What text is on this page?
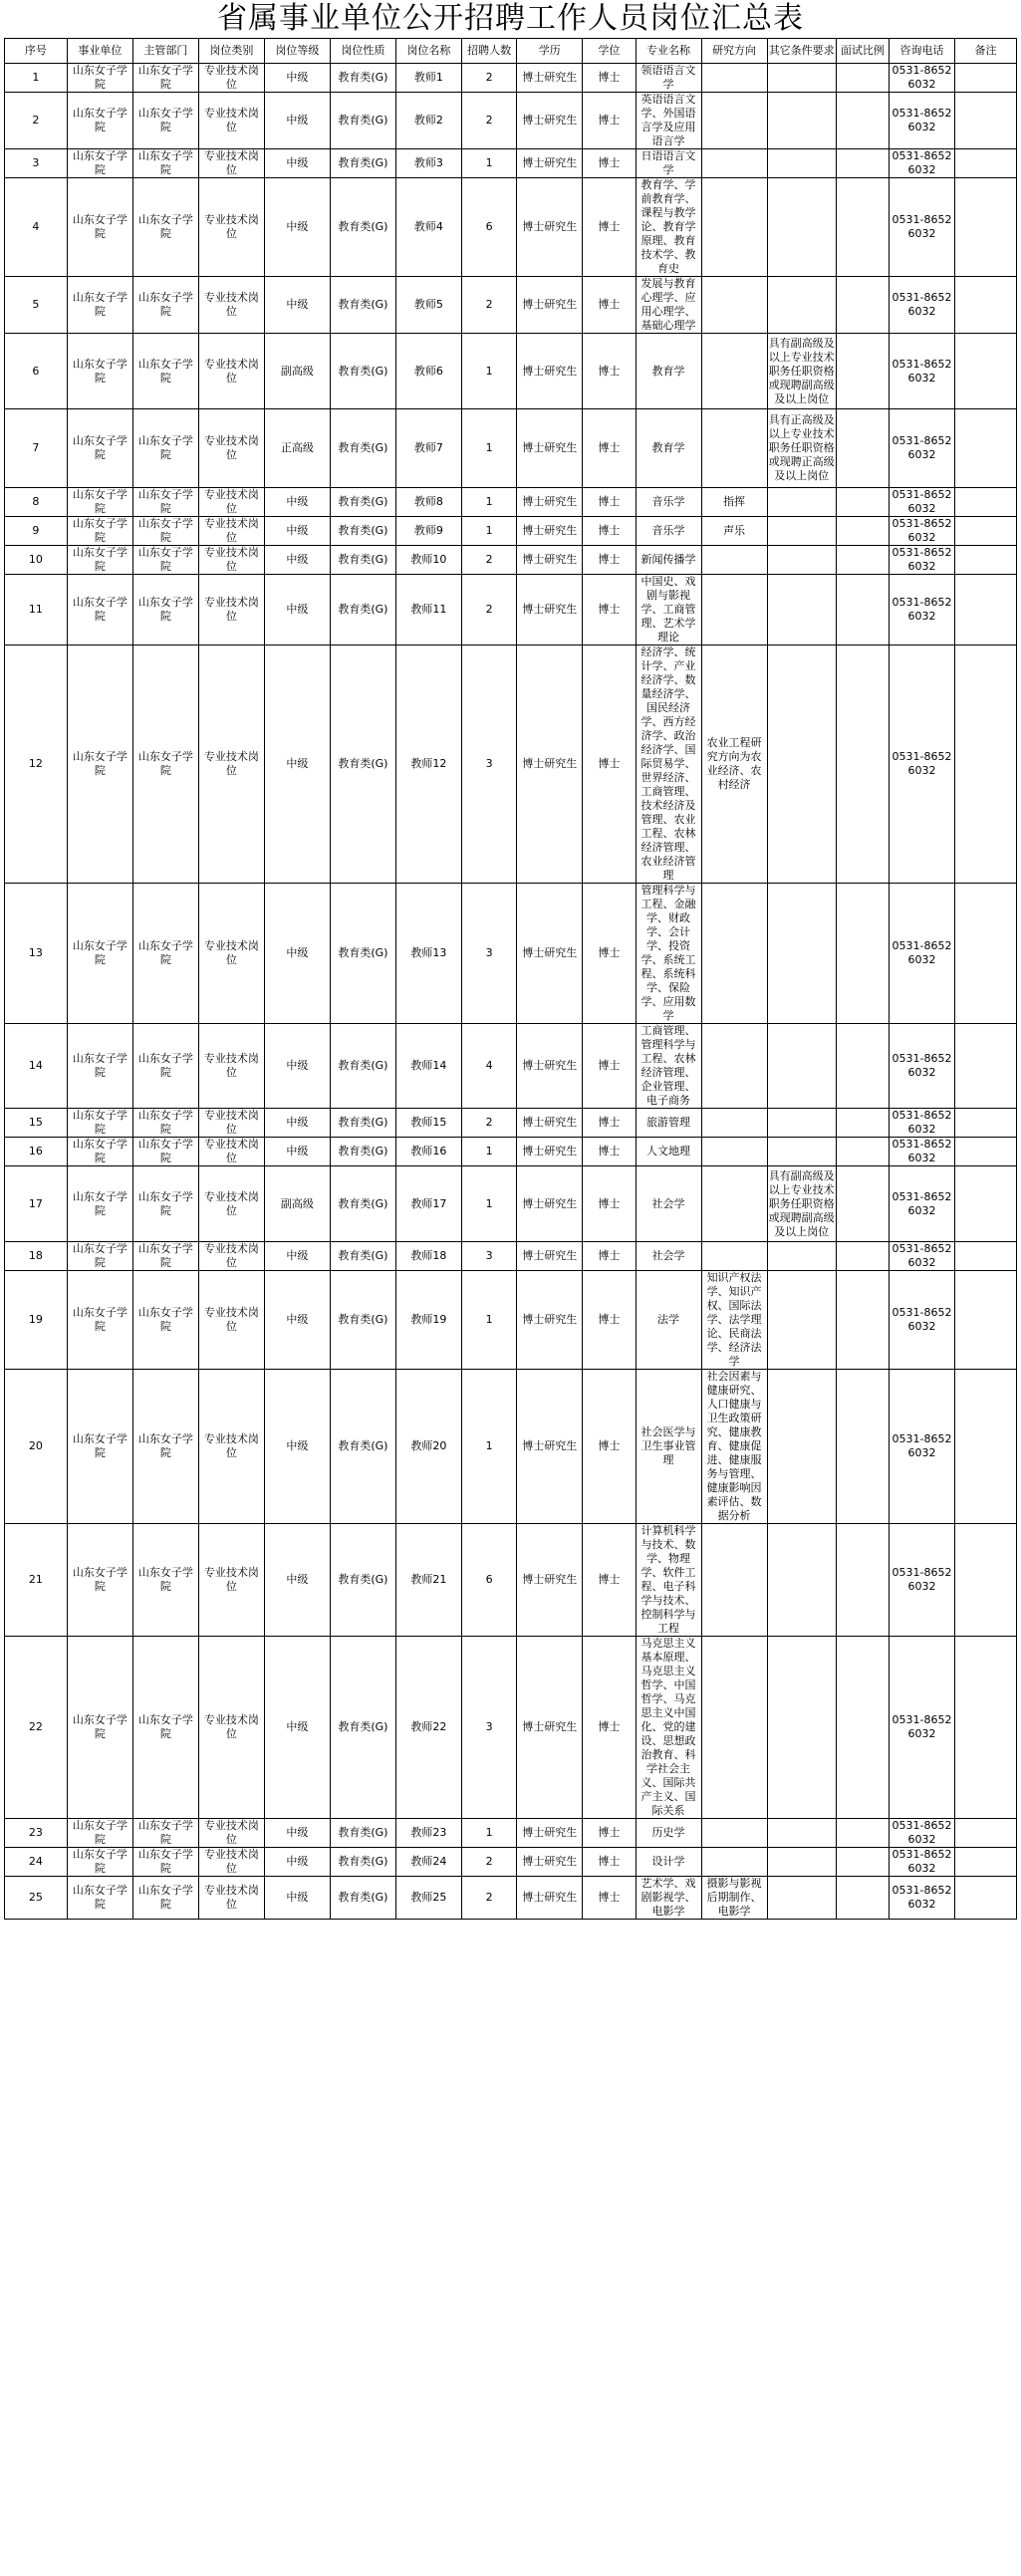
省属事业单位公开招聘工作人员岗位汇总表
序号	事业单位	主管部门	岗位类别	岗位等级	岗位性质	岗位名称	招聘人数	学历	学位	专业名称	研究方向	其它条件要求	面试比例	咨询电话	备注
1	山东女子学院	山东女子学院	专业技术岗位	中级	教育类(G)	教师1	2	博士研究生	博士	领语语言文学				0531-86526032	
2	山东女子学院	山东女子学院	专业技术岗位	中级	教育类(G)	教师2	2	博士研究生	博士	英语语言文学、外国语言学及应用语言学				0531-86526032	
3	山东女子学院	山东女子学院	专业技术岗位	中级	教育类(G)	教师3	1	博士研究生	博士	日语语言文学				0531-86526032	
4	山东女子学院	山东女子学院	专业技术岗位	中级	教育类(G)	教师4	6	博士研究生	博士	教育学、学前教育学、课程与教学论、教育学原理、教育技术学、教育史				0531-86526032	
5	山东女子学院	山东女子学院	专业技术岗位	中级	教育类(G)	教师5	2	博士研究生	博士	发展与教育心理学、应用心理学、基础心理学				0531-86526032	
6	山东女子学院	山东女子学院	专业技术岗位	副高级	教育类(G)	教师6	1	博士研究生	博士	教育学		具有副高级及以上专业技术职务任职资格或现聘副高级及以上岗位		0531-86526032	
7	山东女子学院	山东女子学院	专业技术岗位	正高级	教育类(G)	教师7	1	博士研究生	博士	教育学		具有正高级及以上专业技术职务任职资格或现聘正高级及以上岗位		0531-86526032	
8	山东女子学院	山东女子学院	专业技术岗位	中级	教育类(G)	教师8	1	博士研究生	博士	音乐学	指挥			0531-86526032	
9	山东女子学院	山东女子学院	专业技术岗位	中级	教育类(G)	教师9	1	博士研究生	博士	音乐学	声乐			0531-86526032	
10	山东女子学院	山东女子学院	专业技术岗位	中级	教育类(G)	教师10	2	博士研究生	博士	新闻传播学				0531-86526032	
11	山东女子学院	山东女子学院	专业技术岗位	中级	教育类(G)	教师11	2	博士研究生	博士	中国史、戏剧与影视学、工商管理、艺术学理论				0531-86526032	
12	山东女子学院	山东女子学院	专业技术岗位	中级	教育类(G)	教师12	3	博士研究生	博士	经济学、统计学、产业经济学、数量经济学、国民经济学、西方经济学、政治经济学、国际贸易学、世界经济、工商管理、技术经济及管理、农业工程、农林经济管理、农业经济管理	农业工程研究方向为农业经济、农村经济			0531-86526032	
13	山东女子学院	山东女子学院	专业技术岗位	中级	教育类(G)	教师13	3	博士研究生	博士	管理科学与工程、金融学、财政学、会计学、投资学、系统工程、系统科学、保险学、应用数学				0531-86526032	
14	山东女子学院	山东女子学院	专业技术岗位	中级	教育类(G)	教师14	4	博士研究生	博士	工商管理、管理科学与工程、农林经济管理、企业管理、电子商务				0531-86526032	
15	山东女子学院	山东女子学院	专业技术岗位	中级	教育类(G)	教师15	2	博士研究生	博士	旅游管理				0531-86526032	
16	山东女子学院	山东女子学院	专业技术岗位	中级	教育类(G)	教师16	1	博士研究生	博士	人文地理				0531-86526032	
17	山东女子学院	山东女子学院	专业技术岗位	副高级	教育类(G)	教师17	1	博士研究生	博士	社会学		具有副高级及以上专业技术职务任职资格或现聘副高级及以上岗位		0531-86526032	
18	山东女子学院	山东女子学院	专业技术岗位	中级	教育类(G)	教师18	3	博士研究生	博士	社会学				0531-86526032	
19	山东女子学院	山东女子学院	专业技术岗位	中级	教育类(G)	教师19	1	博士研究生	博士	法学	知识产权法学、知识产权、国际法学、法学理论、民商法学、经济法学			0531-86526032	
20	山东女子学院	山东女子学院	专业技术岗位	中级	教育类(G)	教师20	1	博士研究生	博士	社会医学与卫生事业管理	社会因素与健康研究、人口健康与卫生政策研究、健康教育、健康促进、健康服务与管理、健康影响因素评估、数据分析			0531-86526032	
21	山东女子学院	山东女子学院	专业技术岗位	中级	教育类(G)	教师21	6	博士研究生	博士	计算机科学与技术、数学、物理学、软件工程、电子科学与技术、控制科学与工程				0531-86526032	
22	山东女子学院	山东女子学院	专业技术岗位	中级	教育类(G)	教师22	3	博士研究生	博士	马克思主义基本原理、马克思主义哲学、中国哲学、马克思主义中国化、党的建设、思想政治教育、科学社会主义、国际共产主义、国际关系				0531-86526032	
23	山东女子学院	山东女子学院	专业技术岗位	中级	教育类(G)	教师23	1	博士研究生	博士	历史学				0531-86526032	
24	山东女子学院	山东女子学院	专业技术岗位	中级	教育类(G)	教师24	2	博士研究生	博士	设计学				0531-86526032	
25	山东女子学院	山东女子学院	专业技术岗位	中级	教育类(G)	教师25	2	博士研究生	博士	艺术学、戏剧影视学、电影学	摄影与影视后期制作、电影学			0531-86526032	
